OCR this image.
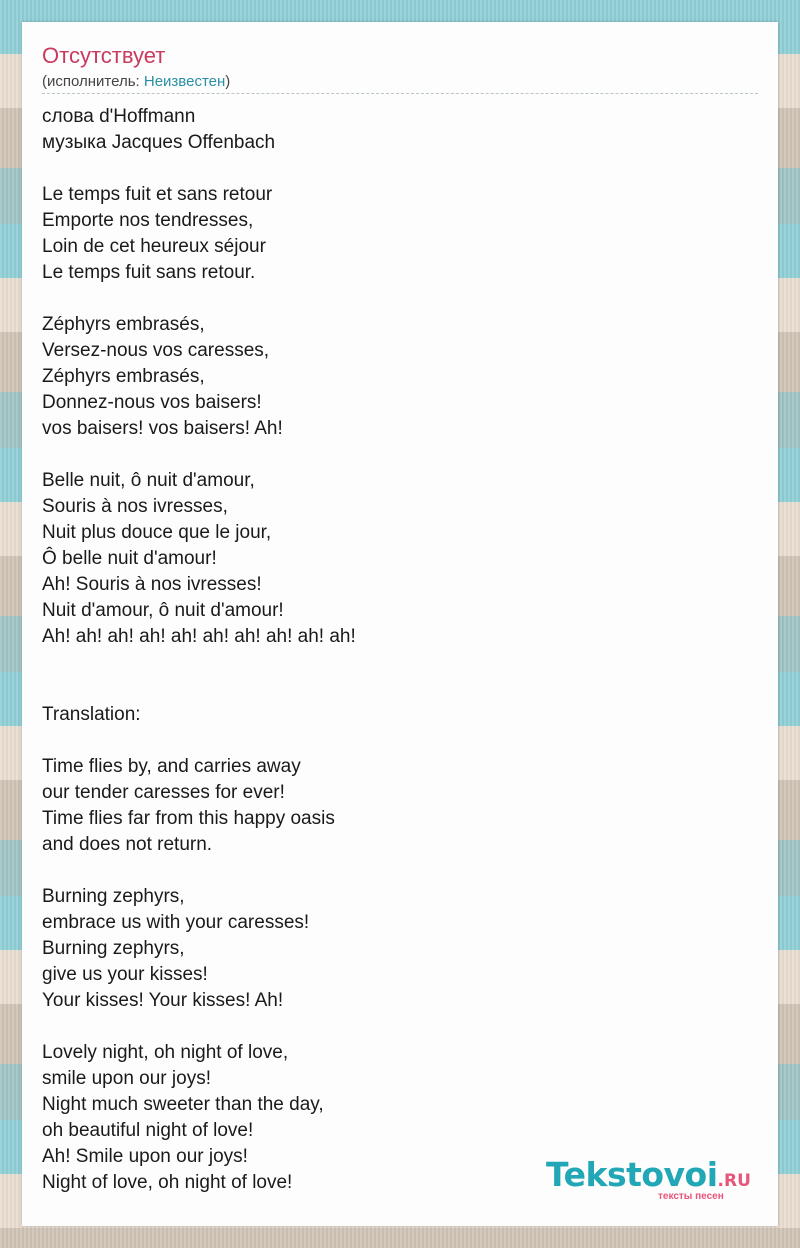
Отсутствует
(исполнитель: Неизвестен)
слова d'Hoffmann
музыка Jacques Offenbach
Le temps fuit et sans retour
Emporte nos tendresses,
Loin de cet heureux séjour
Le temps fuit sans retour.
Zéphyrs embrasés,
Versez-nous vos caresses,
Zéphyrs embrasés,
Donnez-nous vos baisers!
vos baisers! vos baisers! Ah!
Belle nuit, ô nuit d'amour,
Souris à nos ivresses,
Nuit plus douce que le jour,
Ô belle nuit d'amour!
Ah! Souris à nos ivresses!
Nuit d'amour, ô nuit d'amour!
Ah! ah! ah! ah! ah! ah! ah! ah! ah! ah!
Translation:
Time flies by, and carries away
our tender caresses for ever!
Time flies far from this happy oasis
and does not return.
Burning zephyrs,
embrace us with your caresses!
Burning zephyrs,
give us your kisses!
Your kisses! Your kisses! Ah!
Lovely night, oh night of love,
smile upon our joys!
Night much sweeter than the day,
oh beautiful night of love!
Ah! Smile upon our joys!
Night of love, oh night of love!	Tekstovoi.RU
тексты песен
